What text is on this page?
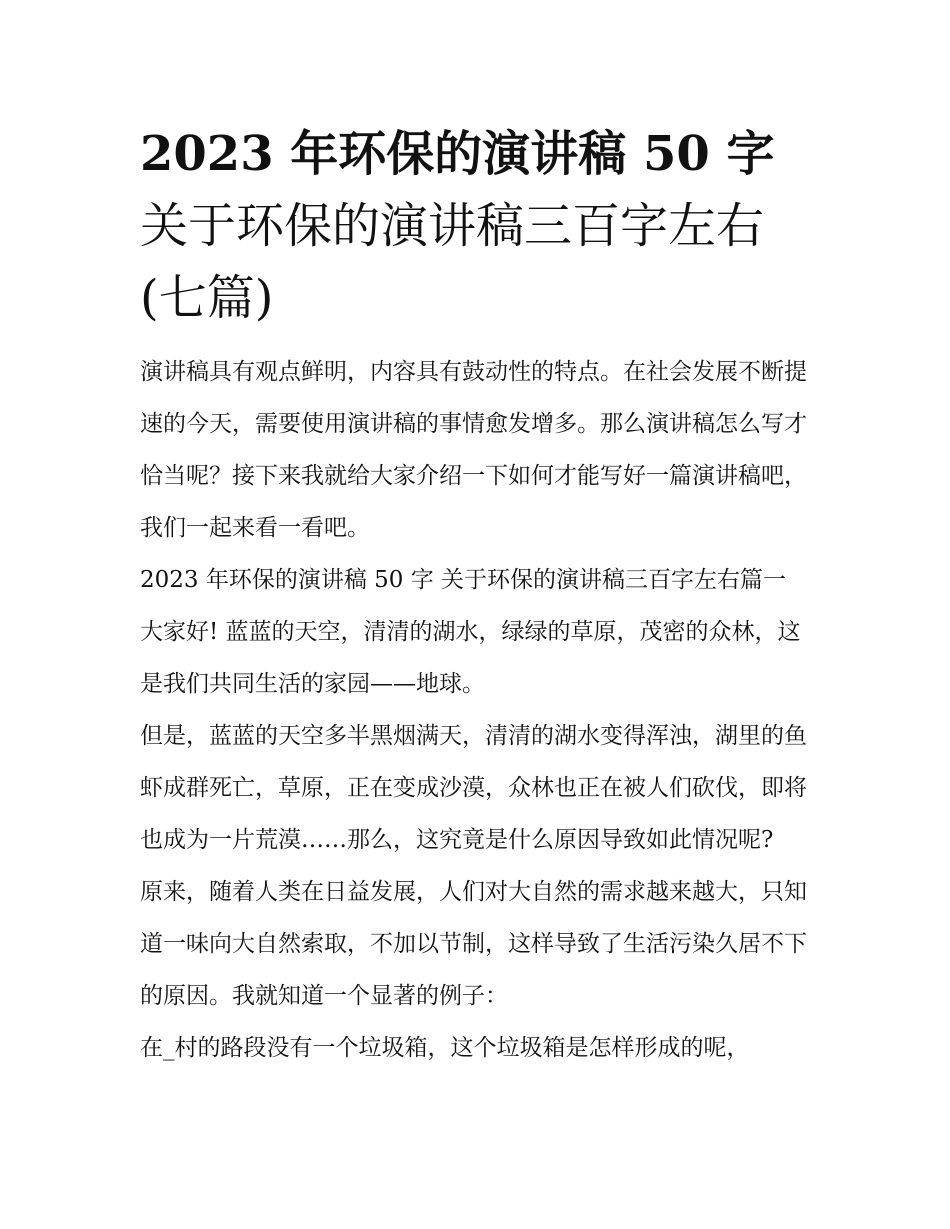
2023 年环保的演讲稿 50 字 关于环保的演讲稿三百字左右(七篇)

演讲稿具有观点鲜明，内容具有鼓动性的特点。在社会发展不断提速的今天，需要使用演讲稿的事情愈发增多。那么演讲稿怎么写才恰当呢？接下来我就给大家介绍一下如何才能写好一篇演讲稿吧，我们一起来看一看吧。

2023 年环保的演讲稿 50 字 关于环保的演讲稿三百字左右篇一

大家好! 蓝蓝的天空，清清的湖水，绿绿的草原，茂密的众林，这是我们共同生活的家园——地球。

但是，蓝蓝的天空多半黑烟满天，清清的湖水变得浑浊，湖里的鱼虾成群死亡，草原，正在变成沙漠，众林也正在被人们砍伐，即将也成为一片荒漠……那么，这究竟是什么原因导致如此情况呢?

原来，随着人类在日益发展，人们对大自然的需求越来越大，只知道一味向大自然索取，不加以节制，这样导致了生活污染久居不下的原因。我就知道一个显著的例子：

在_村的路段没有一个垃圾箱，这个垃圾箱是怎样形成的呢，
